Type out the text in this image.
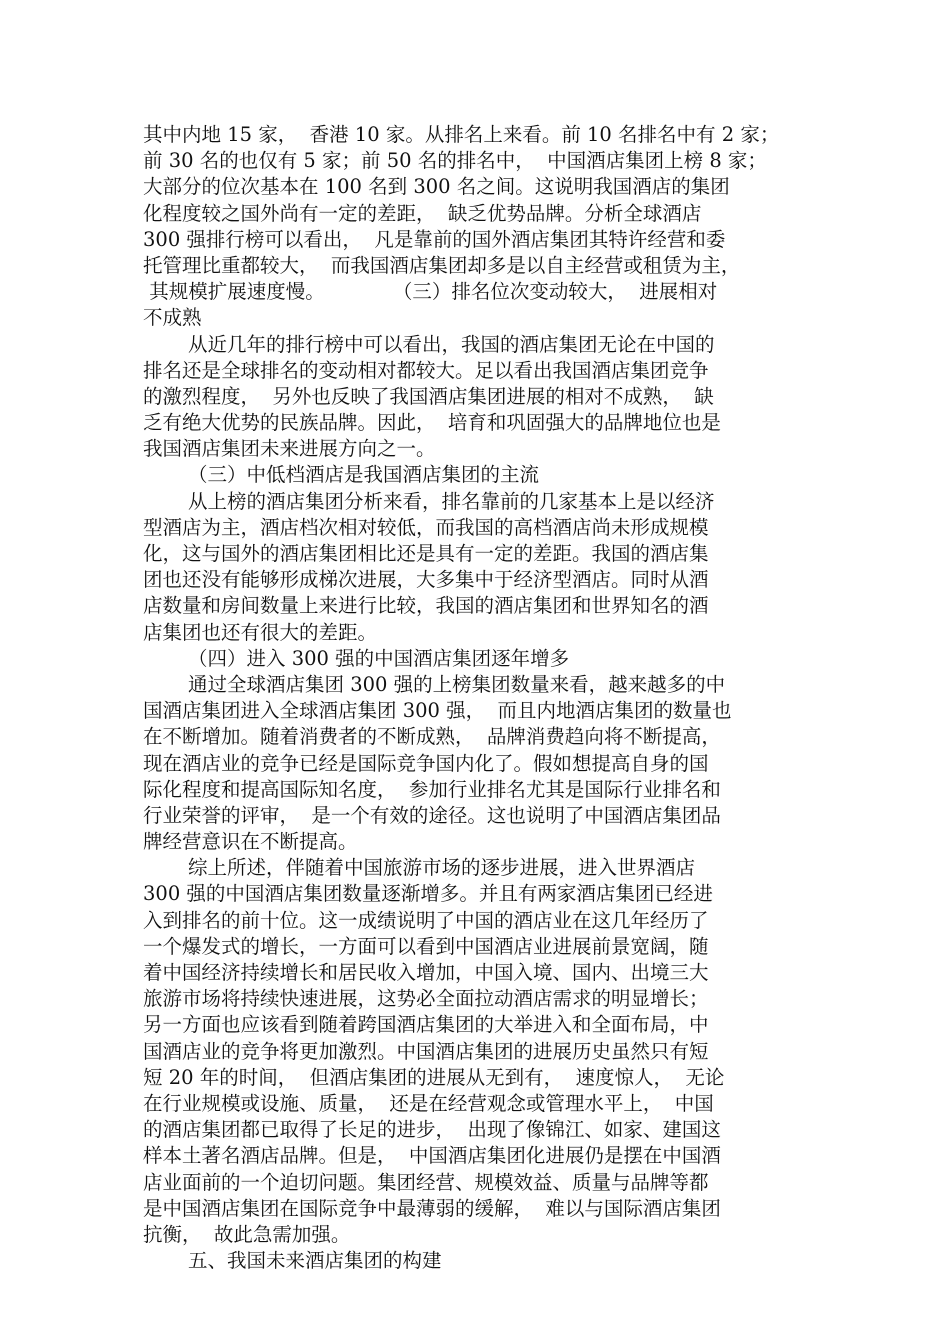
其中内地 15 家，  香港 10 家。从排名上来看。前 10 名排名中有 2 家；
前 30 名的也仅有 5 家；前 50 名的排名中，  中国酒店集团上榜 8 家；
大部分的位次基本在 100 名到 300 名之间。这说明我国酒店的集团
化程度较之国外尚有一定的差距，  缺乏优势品牌。分析全球酒店
300 强排行榜可以看出，  凡是靠前的国外酒店集团其特许经营和委
托管理比重都较大，  而我国酒店集团却多是以自主经营或租赁为主，
其规模扩展速度慢。           （三）排名位次变动较大，  进展相对
不成熟
从近几年的排行榜中可以看出，我国的酒店集团无论在中国的
排名还是全球排名的变动相对都较大。足以看出我国酒店集团竞争
的激烈程度，  另外也反映了我国酒店集团进展的相对不成熟，  缺
乏有绝大优势的民族品牌。因此，  培育和巩固强大的品牌地位也是
我国酒店集团未来进展方向之一。
（三）中低档酒店是我国酒店集团的主流
从上榜的酒店集团分析来看，排名靠前的几家基本上是以经济
型酒店为主，酒店档次相对较低，而我国的高档酒店尚未形成规模
化，这与国外的酒店集团相比还是具有一定的差距。我国的酒店集
团也还没有能够形成梯次进展，大多集中于经济型酒店。同时从酒
店数量和房间数量上来进行比较，我国的酒店集团和世界知名的酒
店集团也还有很大的差距。
（四）进入 300 强的中国酒店集团逐年增多
通过全球酒店集团 300 强的上榜集团数量来看，越来越多的中
国酒店集团进入全球酒店集团 300 强，  而且内地酒店集团的数量也
在不断增加。随着消费者的不断成熟，  品牌消费趋向将不断提高，
现在酒店业的竞争已经是国际竞争国内化了。假如想提高自身的国
际化程度和提高国际知名度，  参加行业排名尤其是国际行业排名和
行业荣誉的评审，  是一个有效的途径。这也说明了中国酒店集团品
牌经营意识在不断提高。
综上所述，伴随着中国旅游市场的逐步进展，进入世界酒店
300 强的中国酒店集团数量逐渐增多。并且有两家酒店集团已经进
入到排名的前十位。这一成绩说明了中国的酒店业在这几年经历了
一个爆发式的增长，一方面可以看到中国酒店业进展前景宽阔，随
着中国经济持续增长和居民收入增加，中国入境、国内、出境三大
旅游市场将持续快速进展，这势必全面拉动酒店需求的明显增长；
另一方面也应该看到随着跨国酒店集团的大举进入和全面布局，中
国酒店业的竞争将更加激烈。中国酒店集团的进展历史虽然只有短
短 20 年的时间，  但酒店集团的进展从无到有，  速度惊人，  无论
在行业规模或设施、质量，  还是在经营观念或管理水平上，  中国
的酒店集团都已取得了长足的进步，  出现了像锦江、如家、建国这
样本土著名酒店品牌。但是，  中国酒店集团化进展仍是摆在中国酒
店业面前的一个迫切问题。集团经营、规模效益、质量与品牌等都
是中国酒店集团在国际竞争中最薄弱的缓解，  难以与国际酒店集团
抗衡，  故此急需加强。
五、我国未来酒店集团的构建
